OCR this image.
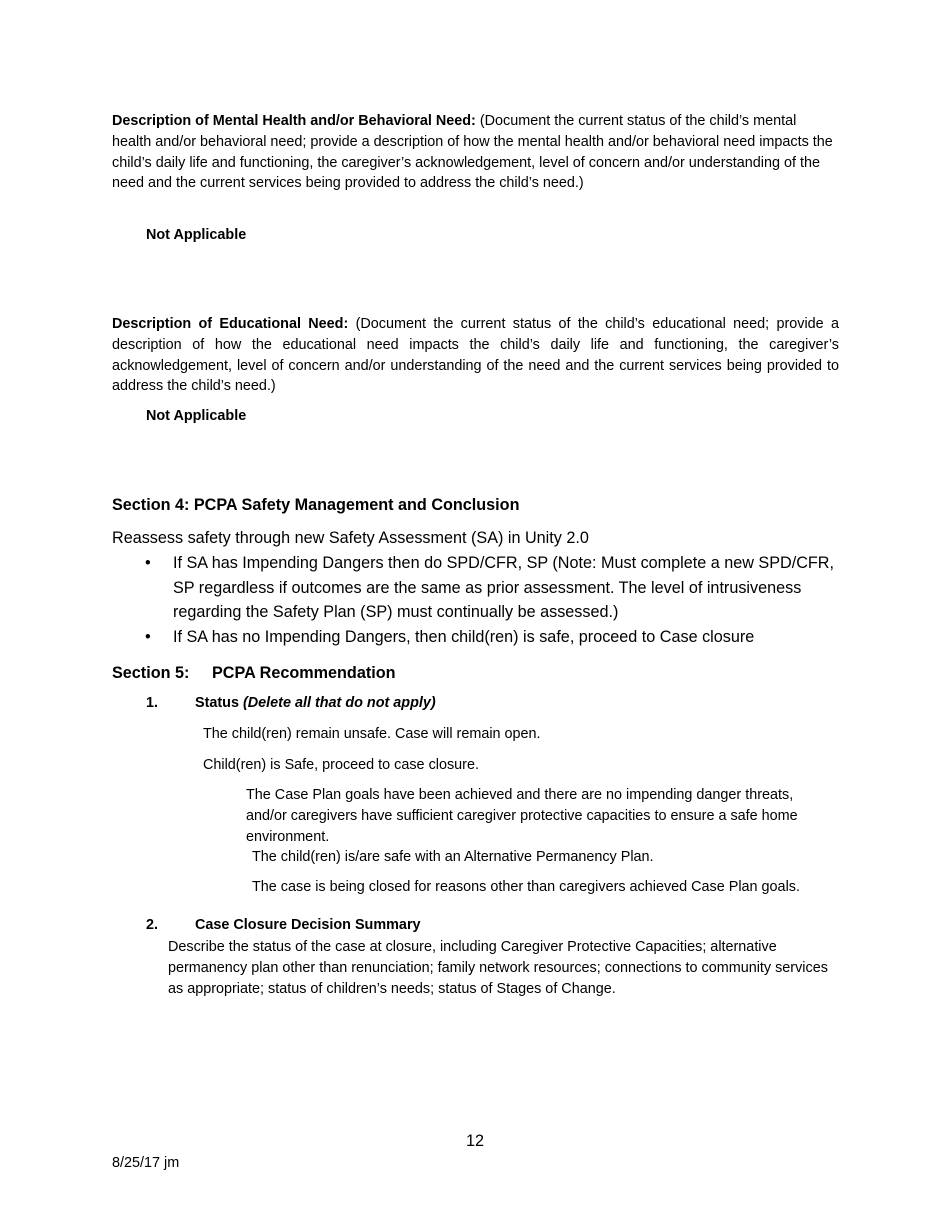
Description of Mental Health and/or Behavioral Need: (Document the current status of the child’s mental health and/or behavioral need; provide a description of how the mental health and/or behavioral need impacts the child’s daily life and functioning, the caregiver’s acknowledgement, level of concern and/or understanding of the need and the current services being provided to address the child’s need.)
Not Applicable
Description of Educational Need: (Document the current status of the child’s educational need; provide a description of how the educational need impacts the child’s daily life and functioning, the caregiver’s acknowledgement, level of concern and/or understanding of the need and the current services being provided to address the child’s need.)
Not Applicable
Section 4: PCPA Safety Management and Conclusion
Reassess safety through new Safety Assessment (SA) in Unity 2.0
• If SA has Impending Dangers then do SPD/CFR, SP (Note: Must complete a new SPD/CFR, SP regardless if outcomes are the same as prior assessment. The level of intrusiveness regarding the Safety Plan (SP) must continually be assessed.)
• If SA has no Impending Dangers, then child(ren) is safe, proceed to Case closure
Section 5: PCPA Recommendation
1.	Status (Delete all that do not apply)
The child(ren) remain unsafe. Case will remain open.
Child(ren) is Safe, proceed to case closure.
The Case Plan goals have been achieved and there are no impending danger threats, and/or caregivers have sufficient caregiver protective capacities to ensure a safe home environment.
The child(ren) is/are safe with an Alternative Permanency Plan.
The case is being closed for reasons other than caregivers achieved Case Plan goals.
2.	Case Closure Decision Summary
Describe the status of the case at closure, including Caregiver Protective Capacities; alternative permanency plan other than renunciation; family network resources; connections to community services as appropriate; status of children’s needs; status of Stages of Change.
12
8/25/17 jm
